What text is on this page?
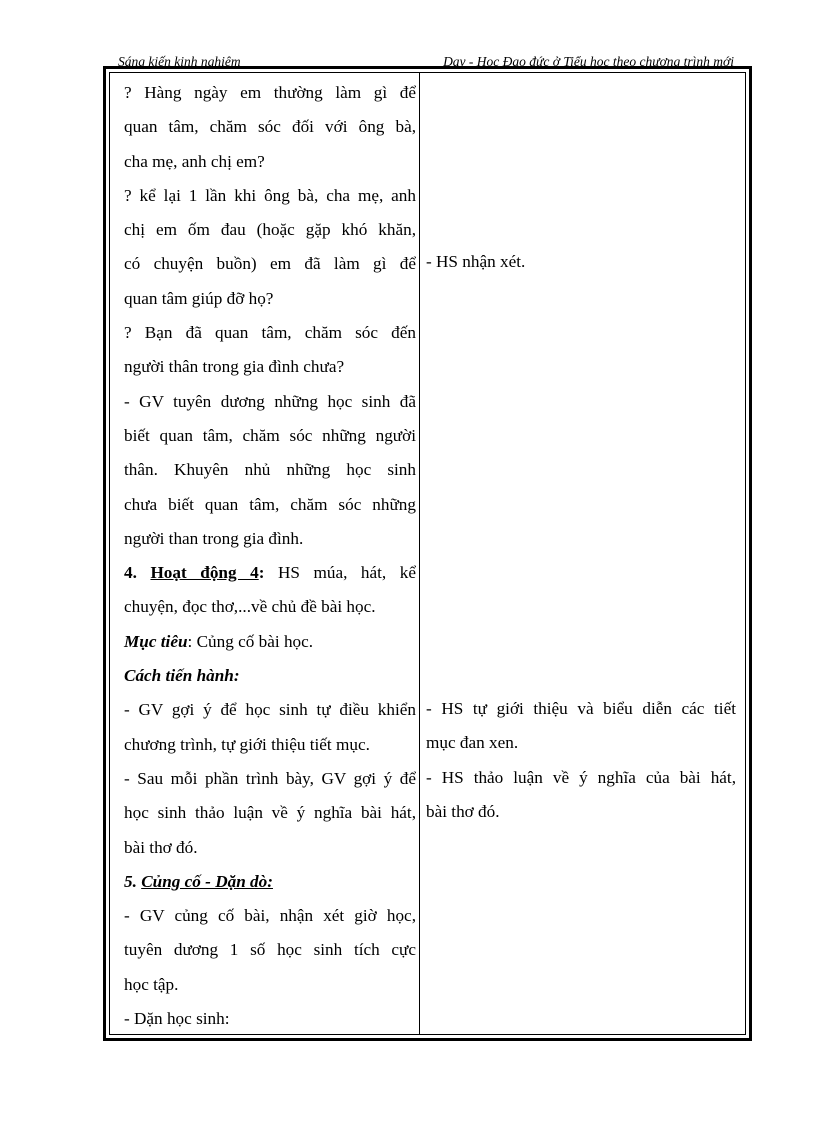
Sáng kiến kinh nghiệm	Dạy - Học Đạo đức ở Tiểu học theo chương trình mới
? Hàng ngày em thường làm gì để
quan tâm, chăm sóc đối với ông bà,
cha mẹ, anh chị em?
? kể lại 1 lần khi ông bà, cha mẹ, anh
chị em ốm đau (hoặc gặp khó khăn,
có chuyện buồn) em đã làm gì để
quan tâm giúp đỡ họ?
? Bạn đã quan tâm, chăm sóc đến
người thân trong gia đình chưa?
- GV tuyên dương những học sinh đã
biết quan tâm, chăm sóc những người
thân. Khuyên nhủ những học sinh
chưa biết quan tâm, chăm sóc những
người than trong gia đình.
4. Hoạt động 4: HS múa, hát, kể
chuyện, đọc thơ,...về chủ đề bài học.
Mục tiêu: Củng cố bài học.
Cách tiến hành:
- GV gợi ý để học sinh tự điều khiển
chương trình, tự giới thiệu tiết mục.
- Sau mỗi phần trình bày, GV gợi ý để
học sinh thảo luận về ý nghĩa bài hát,
bài thơ đó.
5. Củng cố - Dặn dò:
- GV củng cố bài, nhận xét giờ học,
tuyên dương 1 số học sinh tích cực
học tập.
- Dặn học sinh:
- HS nhận xét.
- HS tự giới thiệu và biểu diễn các tiết
mục đan xen.
- HS thảo luận về ý nghĩa của bài hát,
bài thơ đó.
